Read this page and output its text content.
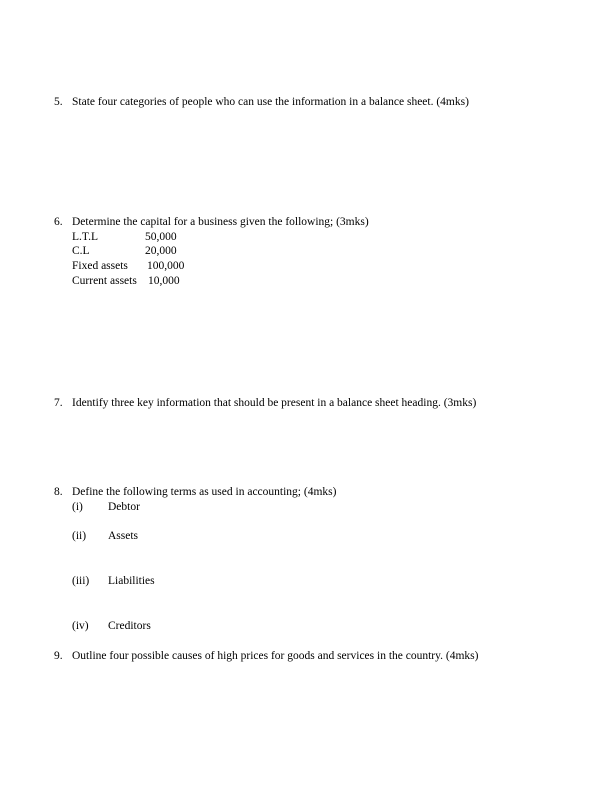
5. State four categories of people who can use the information in a balance sheet. (4mks)
6. Determine the capital for a business given the following; (3mks)
L.T.L	50,000
C.L	20,000
Fixed assets 100,000
Current assets 10,000
7. Identify three key information that should be present in a balance sheet heading. (3mks)
8. Define the following terms as used in accounting; (4mks)
(i) Debtor
(ii) Assets
(iii) Liabilities
(iv) Creditors
9. Outline four possible causes of high prices for goods and services in the country. (4mks)
